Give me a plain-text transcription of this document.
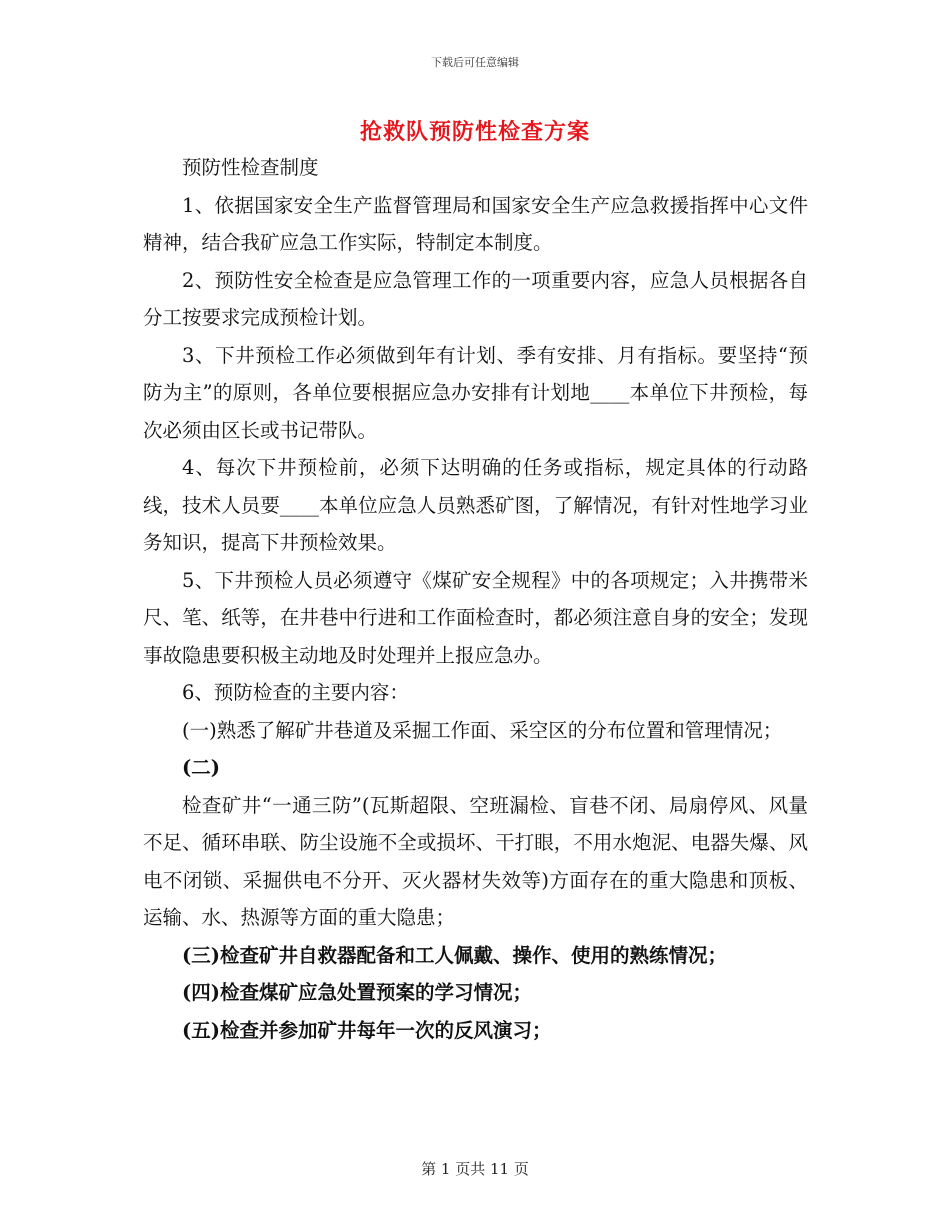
下载后可任意编辑
抢救队预防性检查方案

预防性检查制度

1、依据国家安全生产监督管理局和国家安全生产应急救援指挥中心文件精神，结合我矿应急工作实际，特制定本制度。

2、预防性安全检查是应急管理工作的一项重要内容，应急人员根据各自分工按要求完成预检计划。

3、下井预检工作必须做到年有计划、季有安排、月有指标。要坚持“预防为主”的原则，各单位要根据应急办安排有计划地____本单位下井预检，每次必须由区长或书记带队。

4、每次下井预检前，必须下达明确的任务或指标，规定具体的行动路线，技术人员要____本单位应急人员熟悉矿图，了解情况，有针对性地学习业务知识，提高下井预检效果。

5、下井预检人员必须遵守《煤矿安全规程》中的各项规定；入井携带米尺、笔、纸等，在井巷中行进和工作面检查时，都必须注意自身的安全；发现事故隐患要积极主动地及时处理并上报应急办。

6、预防检查的主要内容：

(一)熟悉了解矿井巷道及采掘工作面、采空区的分布位置和管理情况；

(二)

检查矿井“一通三防”(瓦斯超限、空班漏检、盲巷不闭、局扇停风、风量不足、循环串联、防尘设施不全或损坏、干打眼，不用水炮泥、电器失爆、风电不闭锁、采掘供电不分开、灭火器材失效等)方面存在的重大隐患和顶板、运输、水、热源等方面的重大隐患；

(三)检查矿井自救器配备和工人佩戴、操作、使用的熟练情况；

(四)检查煤矿应急处置预案的学习情况；

(五)检查并参加矿井每年一次的反风演习；

第 1 页共 11 页
